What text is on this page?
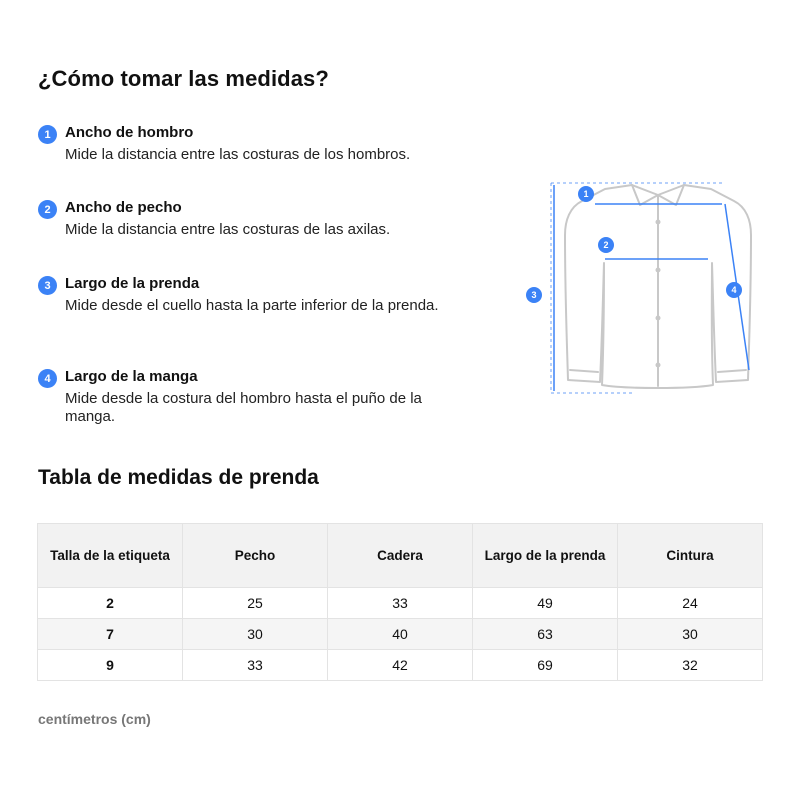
¿Cómo tomar las medidas?
1 Ancho de hombro
Mide la distancia entre las costuras de los hombros.
2 Ancho de pecho
Mide la distancia entre las costuras de las axilas.
3 Largo de la prenda
Mide desde el cuello hasta la parte inferior de la prenda.
4 Largo de la manga
Mide desde la costura del hombro hasta el puño de la manga.
1
2
3	4
Tabla de medidas de prenda
Talla de la etiqueta	Pecho	Cadera	Largo de la prenda	Cintura
2	25	33	49	24
7	30	40	63	30
9	33	42	69	32
centímetros (cm)
